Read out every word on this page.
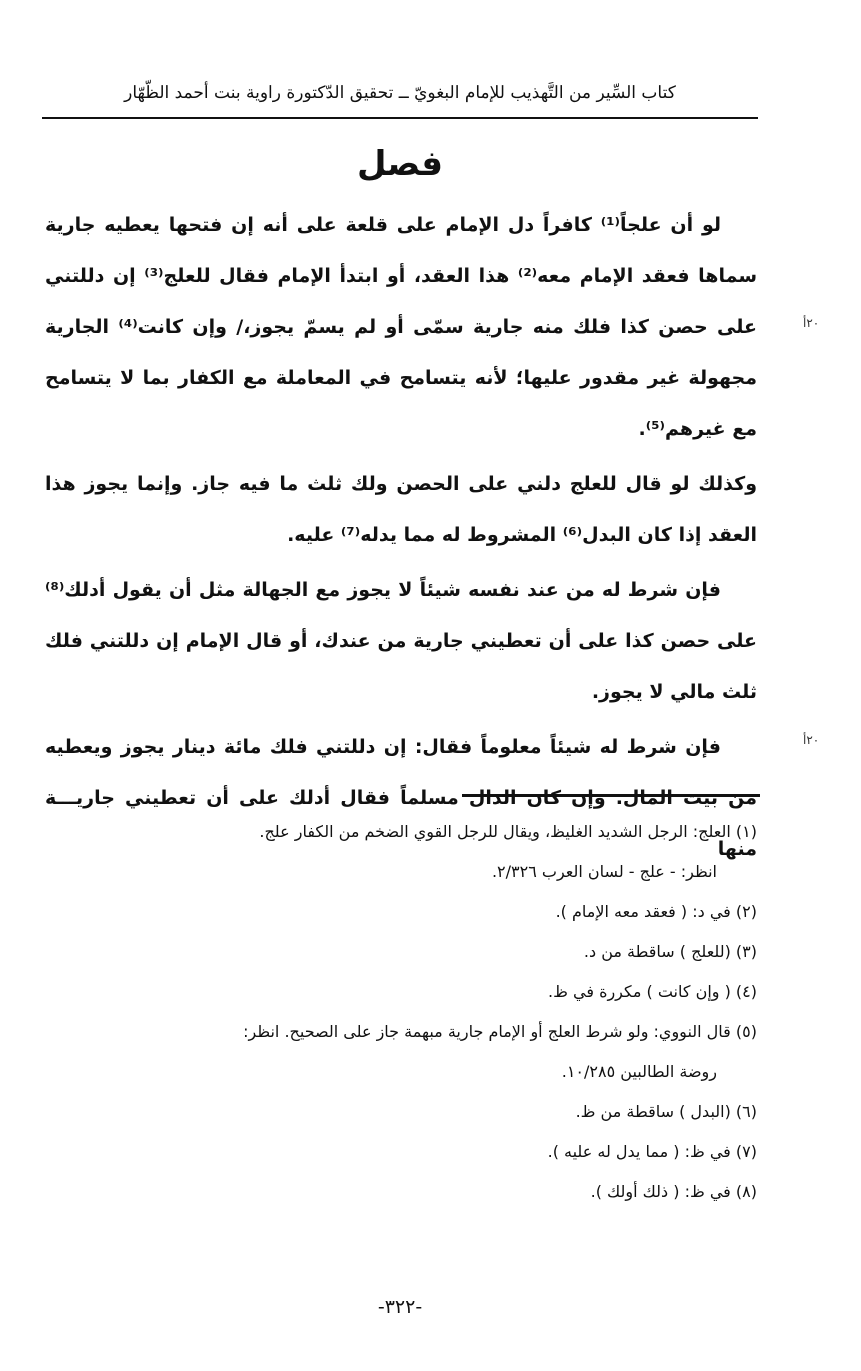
كتاب السِّير من التَّهذيب للإمام البغويّ ــ تحقيق الدّكتورة راوية بنت أحمد الظّهّار
فصل

لو أن علجاً⁽¹⁾ كافراً دل الإمام على قلعة على أنه إن فتحها يعطيه جارية سماها فعقد الإمام معه⁽²⁾ هذا العقد، أو ابتدأ الإمام فقال للعلج⁽³⁾ إن دللتني على حصن كذا فلك منه جارية سمّى أو لم يسمّ يجوز،/ وإن كانت⁽⁴⁾ الجارية مجهولة غير مقدور عليها؛ لأنه يتسامح في المعاملة مع الكفار بما لا يتسامح مع غيرهم⁽⁵⁾.

وكذلك لو قال للعلج دلني على الحصن ولك ثلث ما فيه جاز. وإنما يجوز هذا العقد إذا كان البدل⁽⁶⁾ المشروط له مما يدله⁽⁷⁾ عليه.

فإن شرط له من عند نفسه شيئاً لا يجوز مع الجهالة مثل أن يقول أدلك⁽⁸⁾ على حصن كذا على أن تعطيني جارية من عندك، أو قال الإمام إن دللتني فلك ثلث مالي لا يجوز.

فإن شرط له شيئاً معلوماً فقال: إن دللتني فلك مائة دينار يجوز ويعطيه من بيت المال. وإن كان الدال مسلماً فقال أدلك على أن تعطيني جاريـــة منها

٢٠أ
٢٠أ

(١) العلج: الرجل الشديد الغليظ، ويقال للرجل القوي الضخم من الكفار علج.
انظر: - علج - لسان العرب ٢/٣٢٦.

(٢) في د: ( فعقد معه الإمام ).

(٣) (للعلج ) ساقطة من د.

(٤) ( وإن كانت ) مكررة في ظ.

(٥) قال النووي: ولو شرط العلج أو الإمام جارية مبهمة جاز على الصحيح. انظر:
روضة الطالبين ١٠/٢٨٥.

(٦) (البدل ) ساقطة من ظ.

(٧) في ظ: ( مما يدل له عليه ).

(٨) في ظ: ( ذلك أولك ).

-٣٢٢-
